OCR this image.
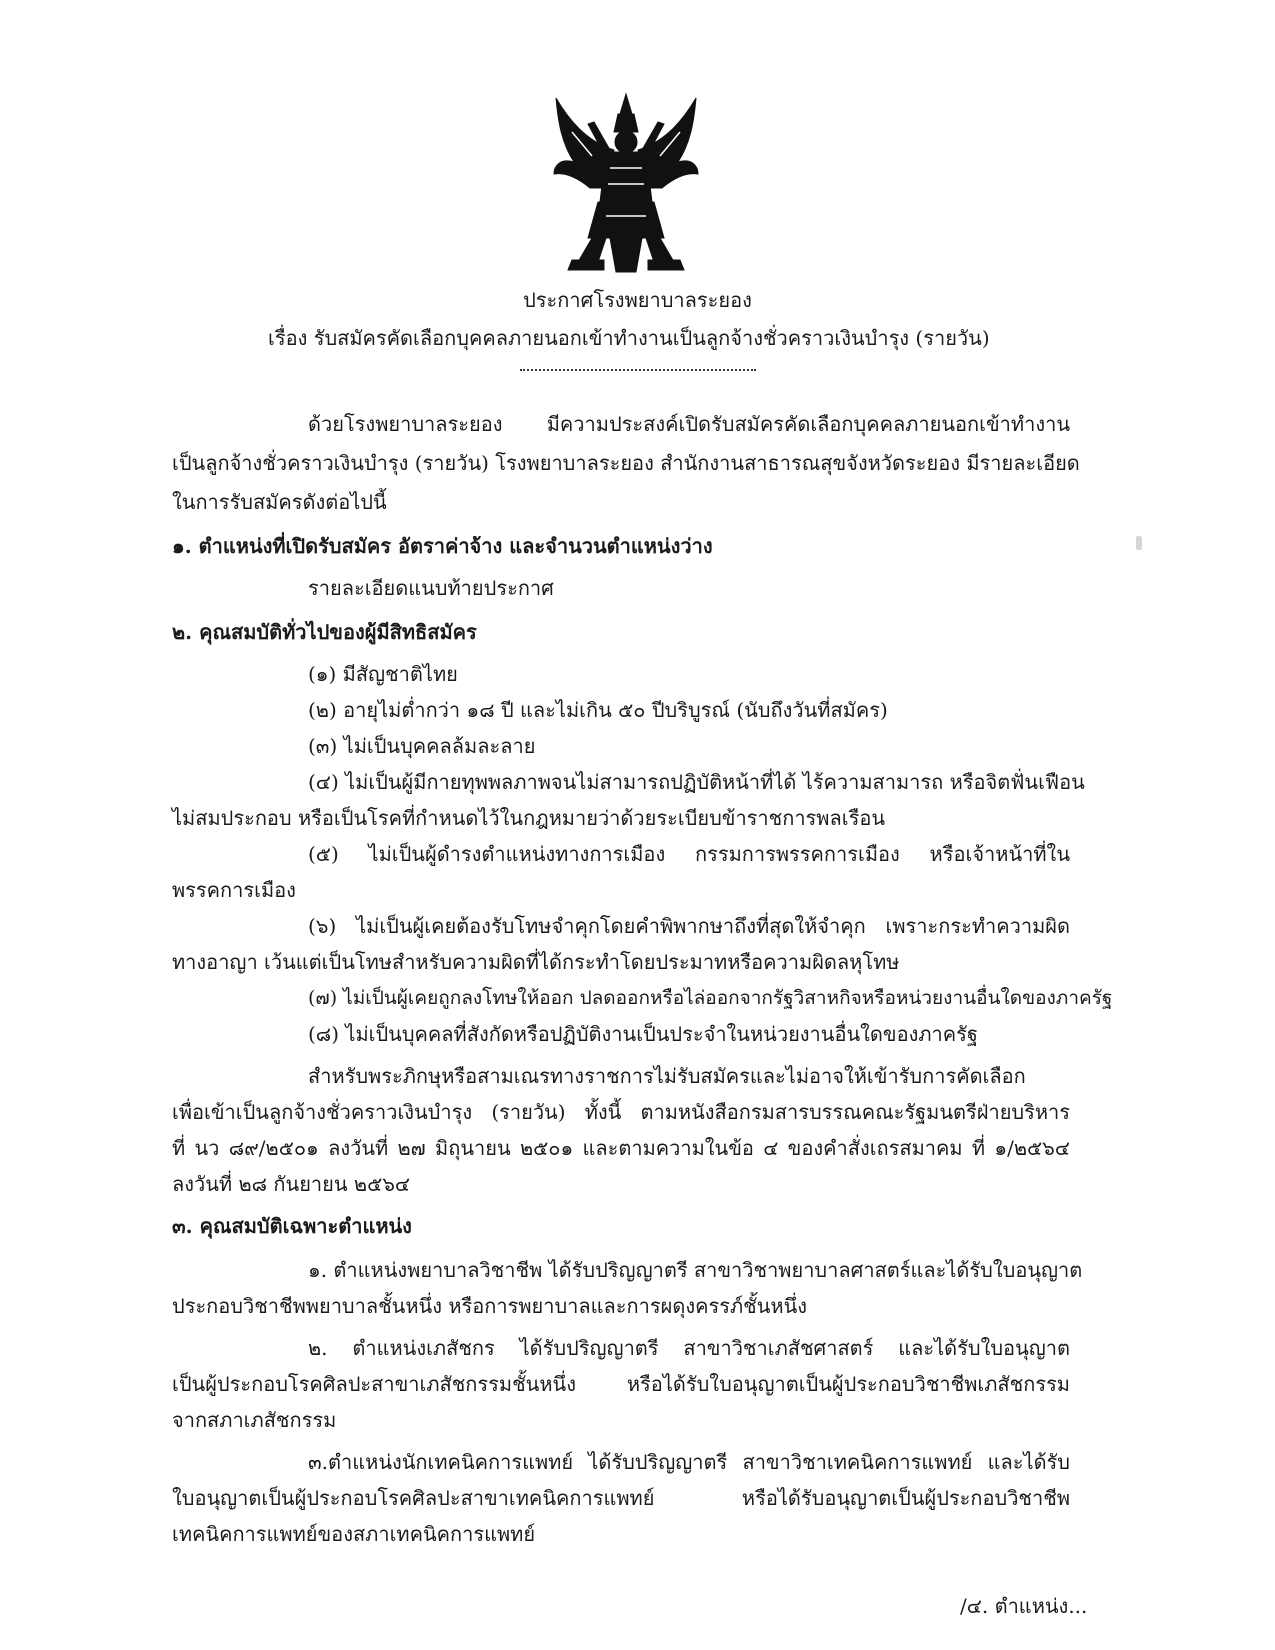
ประกาศโรงพยาบาลระยอง
เรื่อง รับสมัครคัดเลือกบุคคลภายนอกเข้าทำงานเป็นลูกจ้างชั่วคราวเงินบำรุง (รายวัน)
ด้วยโรงพยาบาลระยอง มีความประสงค์เปิดรับสมัครคัดเลือกบุคคลภายนอกเข้าทำงาน
เป็นลูกจ้างชั่วคราวเงินบำรุง (รายวัน) โรงพยาบาลระยอง สำนักงานสาธารณสุขจังหวัดระยอง มีรายละเอียด
ในการรับสมัครดังต่อไปนี้
๑. ตำแหน่งที่เปิดรับสมัคร อัตราค่าจ้าง และจำนวนตำแหน่งว่าง
รายละเอียดแนบท้ายประกาศ
๒. คุณสมบัติทั่วไปของผู้มีสิทธิสมัคร
(๑) มีสัญชาติไทย
(๒) อายุไม่ต่ำกว่า ๑๘ ปี และไม่เกิน ๕๐ ปีบริบูรณ์ (นับถึงวันที่สมัคร)
(๓) ไม่เป็นบุคคลล้มละลาย
(๔) ไม่เป็นผู้มีกายทุพพลภาพจนไม่สามารถปฏิบัติหน้าที่ได้ ไร้ความสามารถ หรือจิตฟั่นเฟือน
ไม่สมประกอบ หรือเป็นโรคที่กำหนดไว้ในกฎหมายว่าด้วยระเบียบข้าราชการพลเรือน
(๕) ไม่เป็นผู้ดำรงตำแหน่งทางการเมือง กรรมการพรรคการเมือง หรือเจ้าหน้าที่ใน
พรรคการเมือง
(๖) ไม่เป็นผู้เคยต้องรับโทษจำคุกโดยคำพิพากษาถึงที่สุดให้จำคุก เพราะกระทำความผิด
ทางอาญา เว้นแต่เป็นโทษสำหรับความผิดที่ได้กระทำโดยประมาทหรือความผิดลหุโทษ
(๗) ไม่เป็นผู้เคยถูกลงโทษให้ออก ปลดออกหรือไล่ออกจากรัฐวิสาหกิจหรือหน่วยงานอื่นใดของภาครัฐ
(๘) ไม่เป็นบุคคลที่สังกัดหรือปฏิบัติงานเป็นประจำในหน่วยงานอื่นใดของภาครัฐ
สำหรับพระภิกษุหรือสามเณรทางราชการไม่รับสมัครและไม่อาจให้เข้ารับการคัดเลือก
เพื่อเข้าเป็นลูกจ้างชั่วคราวเงินบำรุง (รายวัน) ทั้งนี้ ตามหนังสือกรมสารบรรณคณะรัฐมนตรีฝ่ายบริหาร
ที่ นว ๘๙/๒๕๐๑ ลงวันที่ ๒๗ มิถุนายน ๒๕๐๑ และตามความในข้อ ๔ ของคำสั่งเถรสมาคม ที่ ๑/๒๕๖๔
ลงวันที่ ๒๘ กันยายน ๒๕๖๔
๓. คุณสมบัติเฉพาะตำแหน่ง
๑. ตำแหน่งพยาบาลวิชาชีพ ได้รับปริญญาตรี สาขาวิชาพยาบาลศาสตร์และได้รับใบอนุญาต
ประกอบวิชาชีพพยาบาลชั้นหนึ่ง หรือการพยาบาลและการผดุงครรภ์ชั้นหนึ่ง
๒. ตำแหน่งเภสัชกร ได้รับปริญญาตรี สาขาวิชาเภสัชศาสตร์ และได้รับใบอนุญาต
เป็นผู้ประกอบโรคศิลปะสาขาเภสัชกรรมชั้นหนึ่ง หรือได้รับใบอนุญาตเป็นผู้ประกอบวิชาชีพเภสัชกรรม
จากสภาเภสัชกรรม
๓.ตำแหน่งนักเทคนิคการแพทย์ ได้รับปริญญาตรี สาขาวิชาเทคนิคการแพทย์ และได้รับ
ใบอนุญาตเป็นผู้ประกอบโรคศิลปะสาขาเทคนิคการแพทย์ หรือได้รับอนุญาตเป็นผู้ประกอบวิชาชีพ
เทคนิคการแพทย์ของสภาเทคนิคการแพทย์
/๔. ตำแหน่ง...
